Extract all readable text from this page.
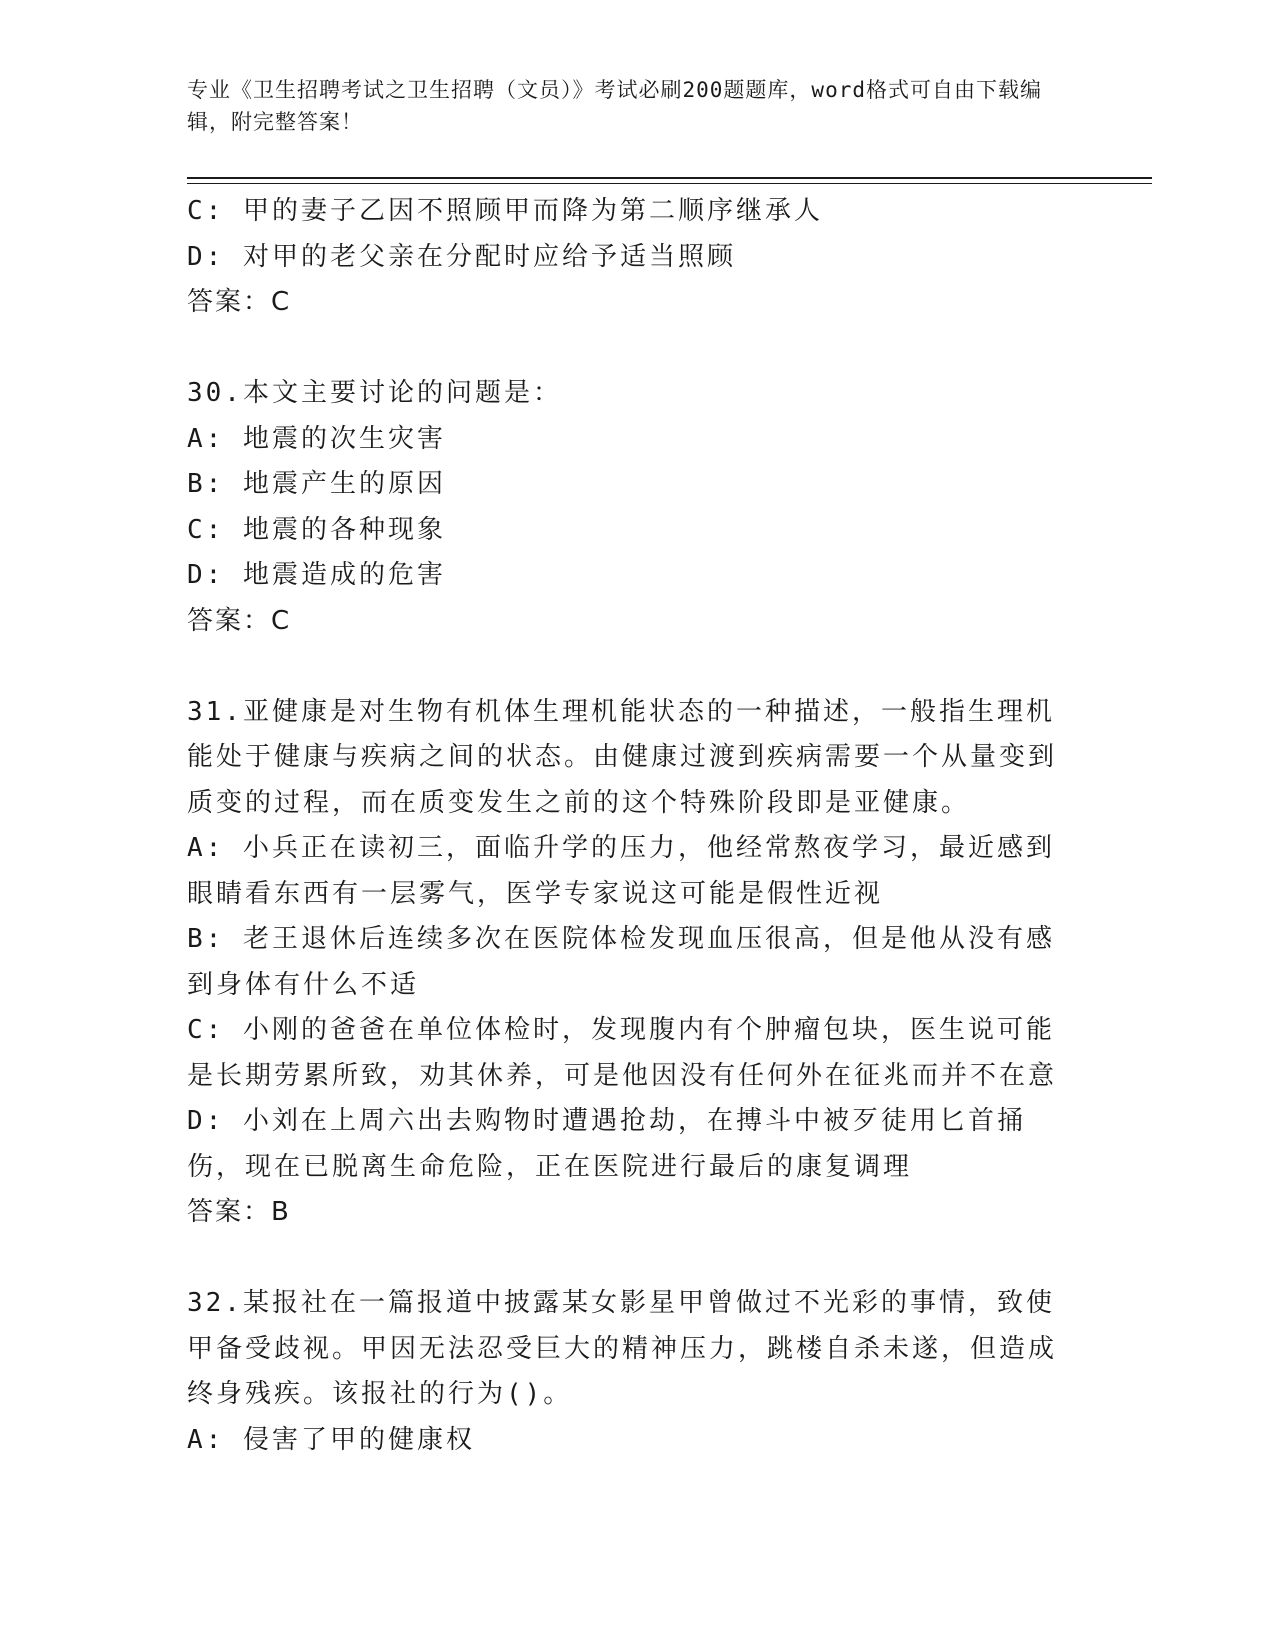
专业《卫生招聘考试之卫生招聘（文员）》考试必刷200题题库，word格式可自由下载编辑，附完整答案！
C: 甲的妻子乙因不照顾甲而降为第二顺序继承人
D: 对甲的老父亲在分配时应给予适当照顾
答案：C
30.本文主要讨论的问题是：
A: 地震的次生灾害
B: 地震产生的原因
C: 地震的各种现象
D: 地震造成的危害
答案：C
31.亚健康是对生物有机体生理机能状态的一种描述，一般指生理机能处于健康与疾病之间的状态。由健康过渡到疾病需要一个从量变到质变的过程，而在质变发生之前的这个特殊阶段即是亚健康。
A: 小兵正在读初三，面临升学的压力，他经常熬夜学习，最近感到眼睛看东西有一层雾气，医学专家说这可能是假性近视
B: 老王退休后连续多次在医院体检发现血压很高，但是他从没有感到身体有什么不适
C: 小刚的爸爸在单位体检时，发现腹内有个肿瘤包块，医生说可能是长期劳累所致，劝其休养，可是他因没有任何外在征兆而并不在意
D: 小刘在上周六出去购物时遭遇抢劫，在搏斗中被歹徒用匕首捅伤，现在已脱离生命危险，正在医院进行最后的康复调理
答案：B
32.某报社在一篇报道中披露某女影星甲曾做过不光彩的事情，致使甲备受歧视。甲因无法忍受巨大的精神压力，跳楼自杀未遂，但造成终身残疾。该报社的行为()。
A: 侵害了甲的健康权
